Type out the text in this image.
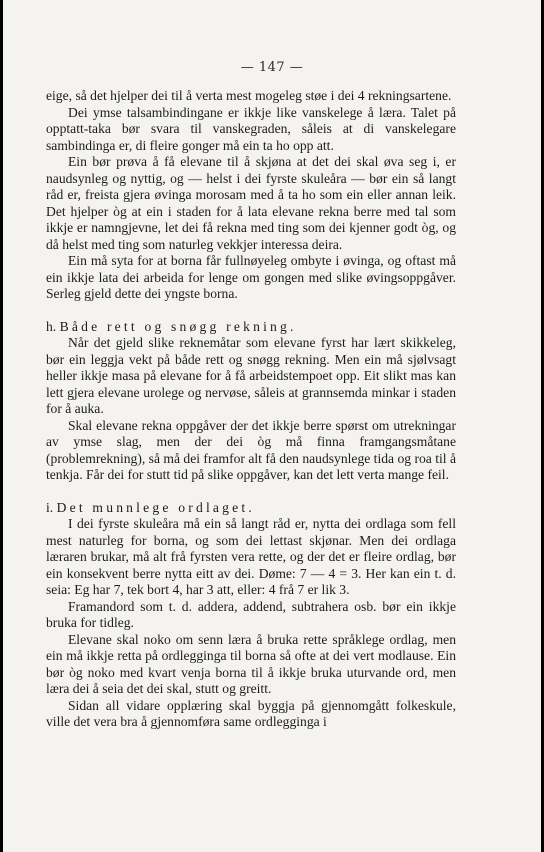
— 147 —

eige, så det hjelper dei til å verta mest mogeleg støe i dei 4 rekningsartene.

Dei ymse talsambindingane er ikkje like vanskelege å læra. Talet på opptatt-taka bør svara til vanskegraden, såleis at di vanskelegare sambindinga er, di fleire gonger må ein ta ho opp att.

Ein bør prøva å få elevane til å skjøna at det dei skal øva seg i, er naudsynleg og nyttig, og — helst i dei fyrste skuleåra — bør ein så langt råd er, freista gjera øvinga morosam med å ta ho som ein eller annan leik. Det hjelper òg at ein i staden for å lata elevane rekna berre med tal som ikkje er namngjevne, let dei få rekna med ting som dei kjenner godt òg, og då helst med ting som naturleg vekkjer interessa deira.

Ein må syta for at borna får fullnøyeleg ombyte i øvinga, og oftast må ein ikkje lata dei arbeida for lenge om gongen med slike øvingsoppgåver. Serleg gjeld dette dei yngste borna.

h. Både rett og snøgg rekning.

Når det gjeld slike reknemåtar som elevane fyrst har lært skikkeleg, bør ein leggja vekt på både rett og snøgg rekning. Men ein må sjølvsagt heller ikkje masa på elevane for å få arbeidstempoet opp. Eit slikt mas kan lett gjera elevane urolege og nervøse, såleis at grannsemda minkar i staden for å auka.

Skal elevane rekna oppgåver der det ikkje berre spørst om utrekningar av ymse slag, men der dei òg må finna framgangsmåtane (problemrekning), så må dei framfor alt få den naudsynlege tida og roa til å tenkja. Får dei for stutt tid på slike oppgåver, kan det lett verta mange feil.

i. Det munnlege ordlaget.

I dei fyrste skuleåra må ein så langt råd er, nytta dei ordlaga som fell mest naturleg for borna, og som dei lettast skjønar. Men dei ordlaga læraren brukar, må alt frå fyrsten vera rette, og der det er fleire ordlag, bør ein konsekvent berre nytta eitt av dei. Døme: 7 — 4 = 3. Her kan ein t. d. seia: Eg har 7, tek bort 4, har 3 att, eller: 4 frå 7 er lik 3.

Framandord som t. d. addera, addend, subtrahera osb. bør ein ikkje bruka for tidleg.

Elevane skal noko om senn læra å bruka rette språklege ordlag, men ein må ikkje retta på ordlegginga til borna så ofte at dei vert modlause. Ein bør òg noko med kvart venja borna til å ikkje bruka uturvande ord, men læra dei å seia det dei skal, stutt og greitt.

Sidan all vidare opplæring skal byggja på gjennomgått folkeskule, ville det vera bra å gjennomføra same ordlegginga i
